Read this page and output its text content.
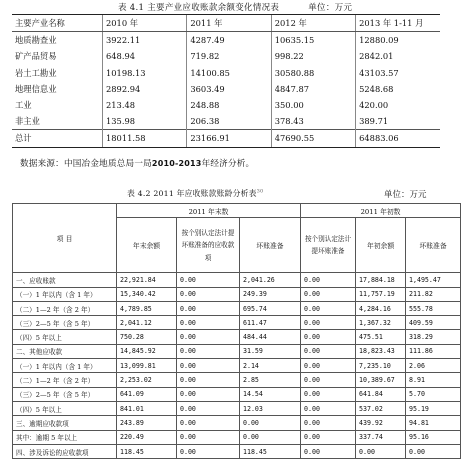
表 4.1 主要产业应收账款余额变化情况表	单位：万元
主要产业名称	2010 年	2011 年	2012 年	2013 年 1-11 月
地质勘查业	3922.11	4287.49	10635.15	12880.09
矿产品贸易	648.94	719.82	998.22	2842.01
岩土工勘业	10198.13	14100.85	30580.88	43103.57
地理信息业	2892.94	3603.49	4847.87	5248.68
工业	213.48	248.88	350.00	420.00
非主业	135.98	206.38	378.43	389.71
总计	18011.58	23166.91	47690.55	64883.06
数据来源：中国冶金地质总局一局2010-2013年经济分析。
表 4.2 2011 年应收账款账龄分析表$^{30}$	单位：万元
项 目	2011 年末数			2011 年初数		
	年末余额	按个别认定法计提坏账准备的应收款项	坏账准备	按个别认定法计提坏账准备	年初余额	坏账准备
一、应收账款	22,921.84	0.00	2,041.26	0.00	17,884.18	1,495.47
（一）1 年以内（含 1 年）	15,340.42	0.00	249.39	0.00	11,757.19	211.82
（二）1—2 年（含 2 年）	4,789.85	0.00	695.74	0.00	4,284.16	555.78
（三）2—5 年（含 5 年）	2,041.12	0.00	611.47	0.00	1,367.32	409.59
（四）5 年以上	750.28	0.00	484.44	0.00	475.51	318.29
二、其他应收款	14,845.92	0.00	31.59	0.00	18,823.43	111.86
（一）1 年以内（含 1 年）	13,099.81	0.00	2.14	0.00	7,235.10	2.06
（二）1—2 年（含 2 年）	2,253.02	0.00	2.85	0.00	10,389.67	8.91
（三）2—5 年（含 5 年）	641.09	0.00	14.54	0.00	641.84	5.70
（四）5 年以上	841.01	0.00	12.03	0.00	537.02	95.19
三、逾期应收款项	243.89	0.00	0.00	0.00	439.92	94.81
其中：逾期 5 年以上	220.49	0.00	0.00	0.00	337.74	95.16
四、涉及诉讼的应收款项	118.45	0.00	118.45	0.00	0.00	0.00
